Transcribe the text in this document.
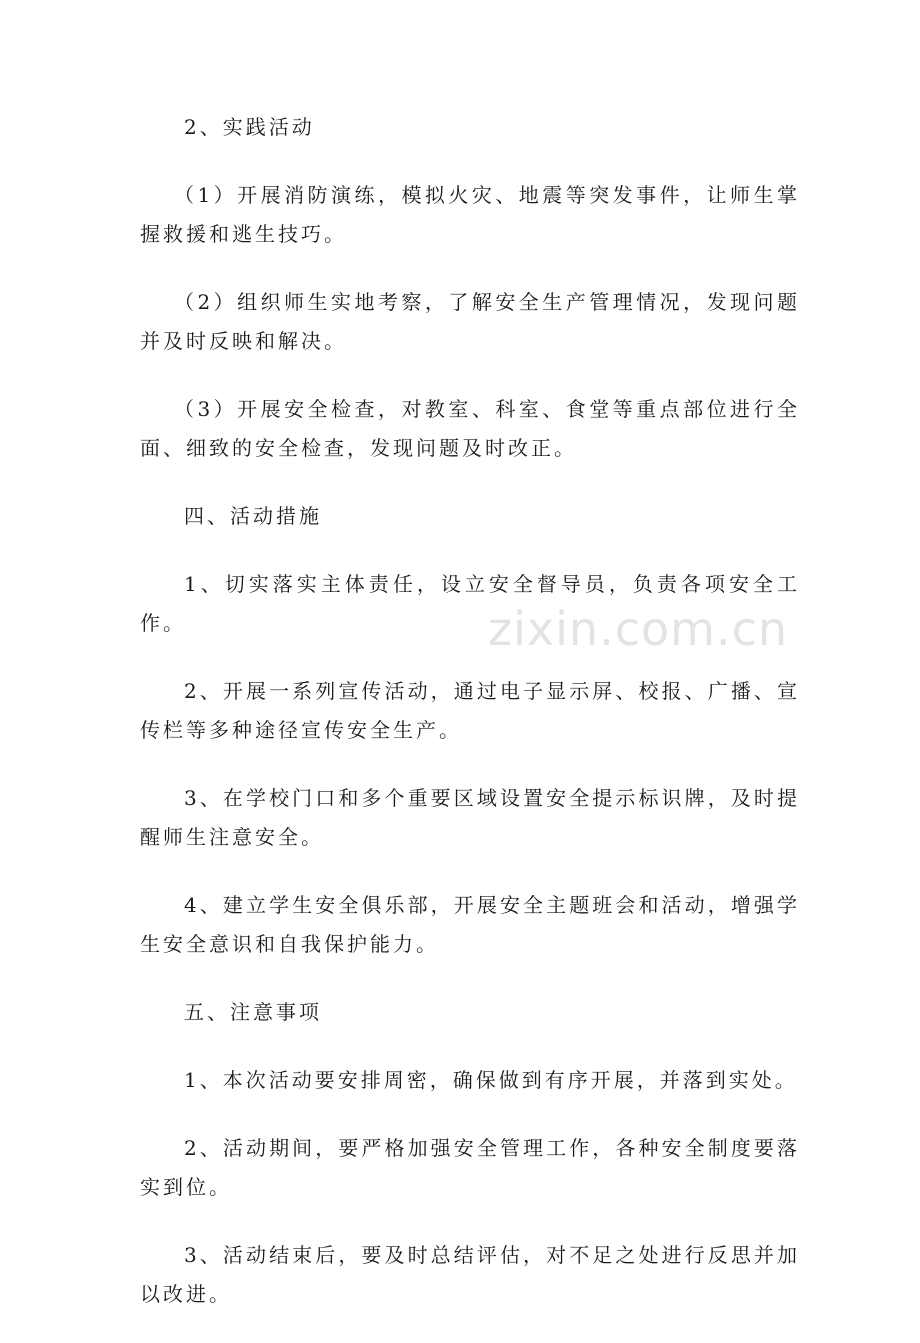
zixin.com.cn

2、实践活动

（1）开展消防演练，模拟火灾、地震等突发事件，让师生掌握救援和逃生技巧。

（2）组织师生实地考察，了解安全生产管理情况，发现问题并及时反映和解决。

（3）开展安全检查，对教室、科室、食堂等重点部位进行全面、细致的安全检查，发现问题及时改正。

四、活动措施

1、切实落实主体责任，设立安全督导员，负责各项安全工作。

2、开展一系列宣传活动，通过电子显示屏、校报、广播、宣传栏等多种途径宣传安全生产。

3、在学校门口和多个重要区域设置安全提示标识牌，及时提醒师生注意安全。

4、建立学生安全俱乐部，开展安全主题班会和活动，增强学生安全意识和自我保护能力。

五、注意事项

1、本次活动要安排周密，确保做到有序开展，并落到实处。

2、活动期间，要严格加强安全管理工作，各种安全制度要落实到位。

3、活动结束后，要及时总结评估，对不足之处进行反思并加以改进。
